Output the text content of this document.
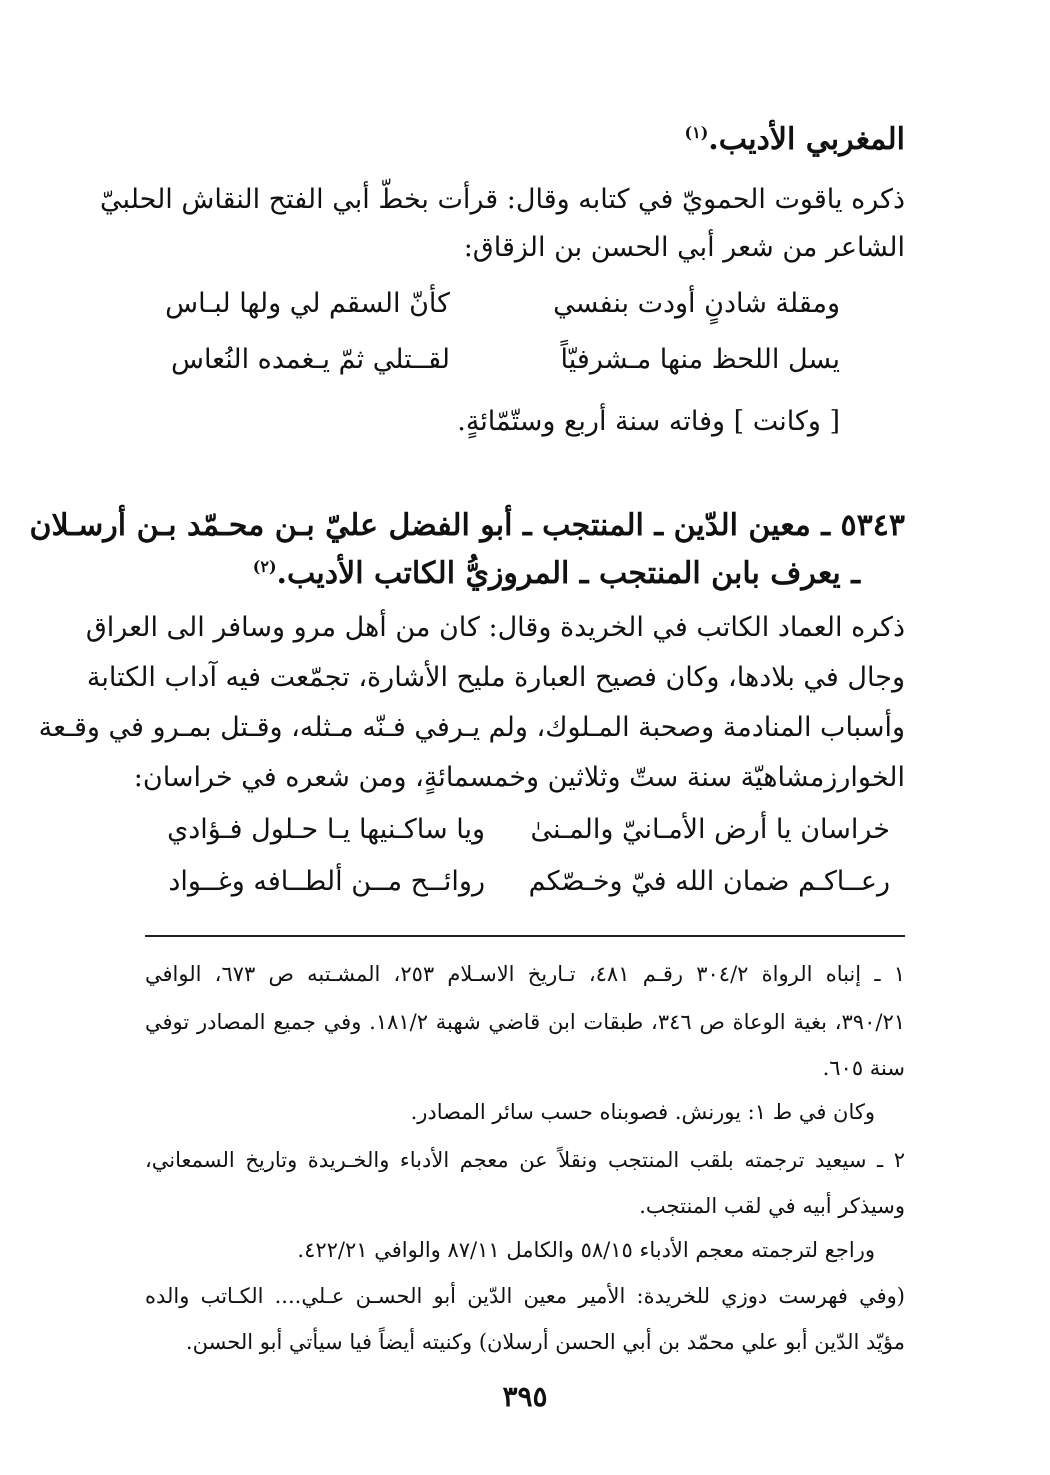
المغربي الأديب.$^{(١)}$
ذكره ياقوت الحمويّ في كتابه وقال: قرأت بخطّ أبي الفتح النقاش الحلبيّ
الشاعر من شعر أبي الحسن بن الزقاق:
ومقلة شادنٍ أودت بنفسي
كأنّ السقم لي ولها لبـاس
يسل اللحظ منها مـشرفيّاً
لقــتلي ثمّ يـغمده النُعاس
[ وكانت ] وفاته سنة أربع وستّمّائةٍ.
٥٣٤٣ ـ معين الدّين ـ المنتجب ـ أبو الفضل عليّ بـن محـمّد بـن أرسـلان
ـ يعرف بابن المنتجب ـ المروزيُّ الكاتب الأديب.$^{(٢)}$
ذكره العماد الكاتب في الخريدة وقال: كان من أهل مرو وسافر الى العراق
وجال في بلادها، وكان فصيح العبارة مليح الأشارة، تجمّعت فيه آداب الكتابة
وأسباب المنادمة وصحبة المـلوك، ولم يـرفي فـنّه مـثله، وقـتل بمـرو في وقـعة
الخوارزمشاهيّة سنة ستّ وثلاثين وخمسمائةٍ، ومن شعره في خراسان:
خراسان يا أرض الأمـانيّ والمـنىٰ
ويا ساكـنيها يـا حـلول فـؤادي
رعــاكـم ضمان الله فيّ وخـصّكم
روائــح مــن ألطــافه وغــواد
١ ـ إنباه الرواة ٣٠٤/٢ رقـم ٤٨١، تـاريخ الاسـلام ٢٥٣، المشـتبه ص ٦٧٣، الوافي
٣٩٠/٢١، بغية الوعاة ص ٣٤٦، طبقات ابن قاضي شهبة ١٨١/٢. وفي جميع المصادر توفي
سنة ٦٠٥.
وكان في ط ١: يورنش. فصوبناه حسب سائر المصادر.
٢ ـ سيعيد ترجمته بلقب المنتجب ونقلاً عن معجم الأدباء والخـريدة وتاريخ السمعاني،
وسيذكر أبيه في لقب المنتجب.
وراجع لترجمته معجم الأدباء ٥٨/١٥ والكامل ٨٧/١١ والوافي ٤٢٢/٢١.
(وفي فهرست دوزي للخريدة: الأمير معين الدّين أبو الحسـن عـلي.... الكـاتب والده
مؤيّد الدّين أبو علي محمّد بن أبي الحسن أرسلان) وكنيته أيضاً فيا سيأتي أبو الحسن.
٣٩٥
